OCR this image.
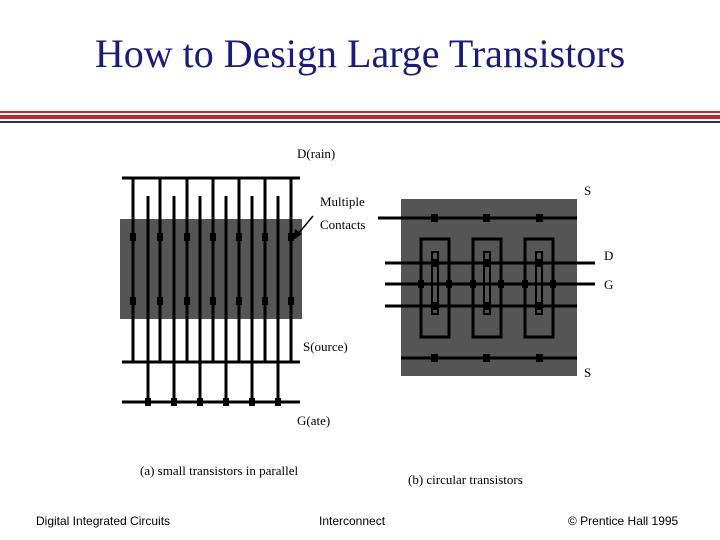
How to Design Large Transistors
D(rain)
Multiple
Contacts
S(ource)
G(ate)
(a) small transistors in parallel
S
D
G
S
(b) circular transistors
Digital Integrated Circuits	Interconnect	© Prentice Hall 1995
